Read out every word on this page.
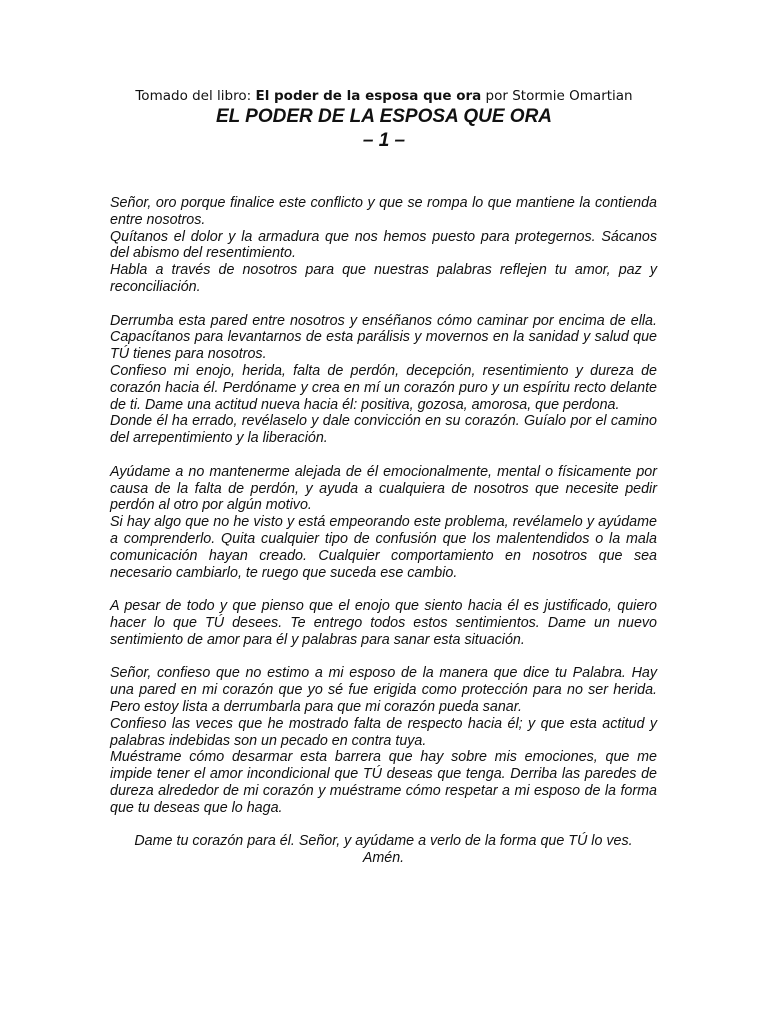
Tomado del libro: El poder de la esposa que ora por Stormie Omartian
EL PODER DE LA ESPOSA QUE ORA
– 1 –

Señor, oro porque finalice este conflicto y que se rompa lo que mantiene la contienda entre nosotros.

Quítanos el dolor y la armadura que nos hemos puesto para protegernos. Sácanos del abismo del resentimiento.

Habla a través de nosotros para que nuestras palabras reflejen tu amor, paz y reconciliación.

Derrumba esta pared entre nosotros y enséñanos cómo caminar por encima de ella. Capacítanos para levantarnos de esta parálisis y movernos en la sanidad y salud que TÚ tienes para nosotros.

Confieso mi enojo, herida, falta de perdón, decepción, resentimiento y dureza de corazón hacia él. Perdóname y crea en mí un corazón puro y un espíritu recto delante de ti. Dame una actitud nueva hacia él: positiva, gozosa, amorosa, que perdona.

Donde él ha errado, revélaselo y dale convicción en su corazón. Guíalo por el camino del arrepentimiento y la liberación.

Ayúdame a no mantenerme alejada de él emocionalmente, mental o físicamente por causa de la falta de perdón, y ayuda a cualquiera de nosotros que necesite pedir perdón al otro por algún motivo.

Si hay algo que no he visto y está empeorando este problema, revélamelo y ayúdame a comprenderlo. Quita cualquier tipo de confusión que los malentendidos o la mala comunicación hayan creado. Cualquier comportamiento en nosotros que sea necesario cambiarlo, te ruego que suceda ese cambio.

A pesar de todo y que pienso que el enojo que siento hacia él es justificado, quiero hacer lo que TÚ desees. Te entrego todos estos sentimientos. Dame un nuevo sentimiento de amor para él y palabras para sanar esta situación.

Señor, confieso que no estimo a mi esposo de la manera que dice tu Palabra. Hay una pared en mi corazón que yo sé fue erigida como protección para no ser herida. Pero estoy lista a derrumbarla para que mi corazón pueda sanar.

Confieso las veces que he mostrado falta de respecto hacia él; y que esta actitud y palabras indebidas son un pecado en contra tuya.

Muéstrame cómo desarmar esta barrera que hay sobre mis emociones, que me impide tener el amor incondicional que TÚ deseas que tenga. Derriba las paredes de dureza alrededor de mi corazón y muéstrame cómo respetar a mi esposo de la forma que tu deseas que lo haga.

Dame tu corazón para él. Señor, y ayúdame a verlo de la forma que TÚ lo ves.

Amén.
